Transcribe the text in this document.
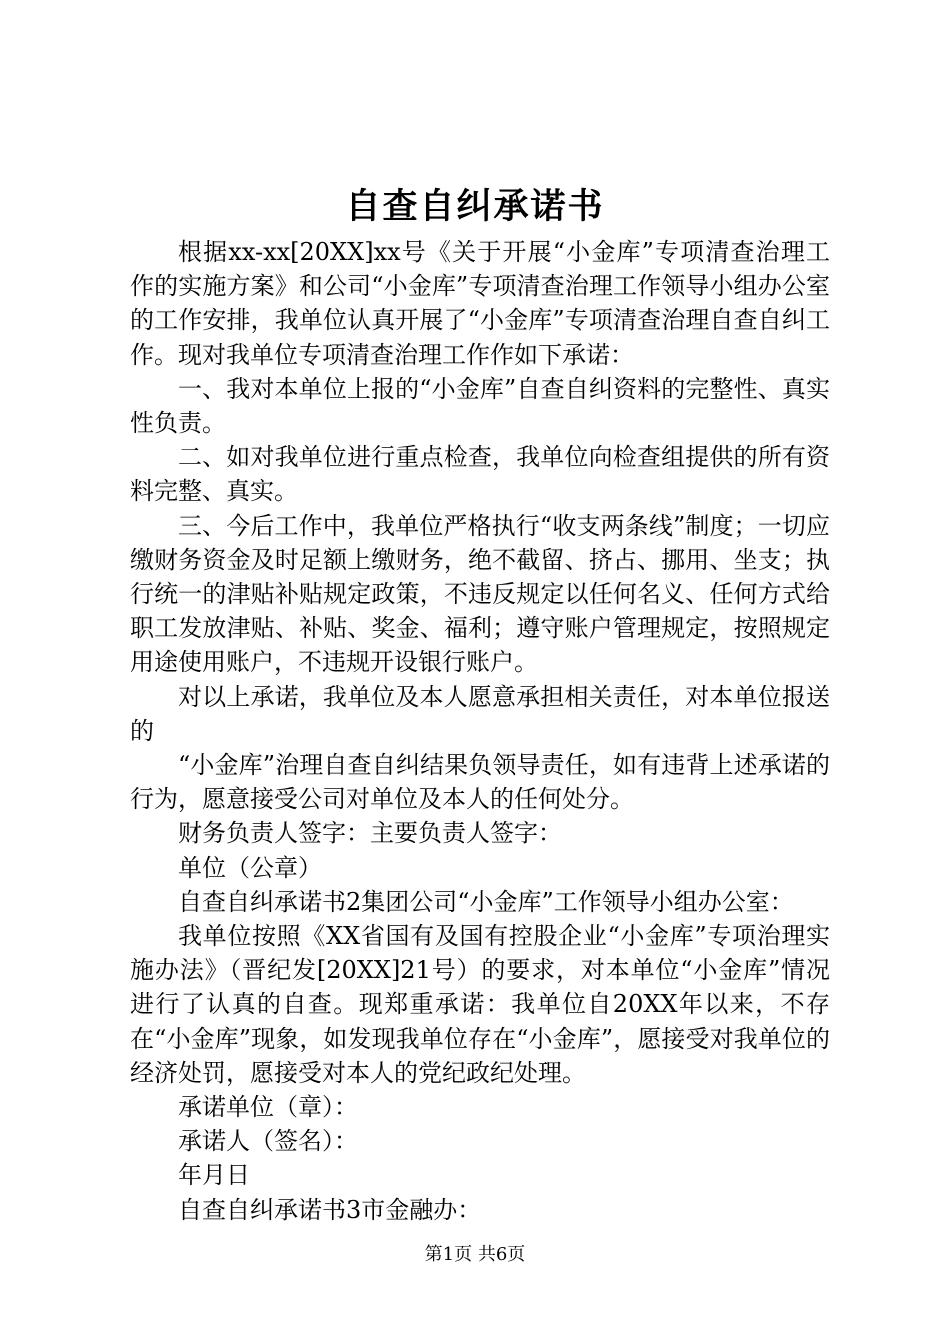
自查自纠承诺书

根据xx-xx[20XX]xx号《关于开展“小金库”专项清查治理工作的实施方案》和公司“小金库”专项清查治理工作领导小组办公室的工作安排，我单位认真开展了“小金库”专项清查治理自查自纠工作。现对我单位专项清查治理工作作如下承诺：

一、我对本单位上报的“小金库”自查自纠资料的完整性、真实性负责。

二、如对我单位进行重点检查，我单位向检查组提供的所有资料完整、真实。

三、今后工作中，我单位严格执行“收支两条线”制度；一切应缴财务资金及时足额上缴财务，绝不截留、挤占、挪用、坐支；执行统一的津贴补贴规定政策，不违反规定以任何名义、任何方式给职工发放津贴、补贴、奖金、福利；遵守账户管理规定，按照规定用途使用账户，不违规开设银行账户。

对以上承诺，我单位及本人愿意承担相关责任，对本单位报送的

“小金库”治理自查自纠结果负领导责任，如有违背上述承诺的行为，愿意接受公司对单位及本人的任何处分。

财务负责人签字：主要负责人签字：

单位（公章）

自查自纠承诺书2集团公司“小金库”工作领导小组办公室：

我单位按照《XX省国有及国有控股企业“小金库”专项治理实施办法》（晋纪发[20XX]21号）的要求，对本单位“小金库”情况进行了认真的自查。现郑重承诺：我单位自20XX年以来，不存在“小金库”现象，如发现我单位存在“小金库”，愿接受对我单位的经济处罚，愿接受对本人的党纪政纪处理。

承诺单位（章）：

承诺人（签名）：

年月日

自查自纠承诺书3市金融办：

第1页 共6页
